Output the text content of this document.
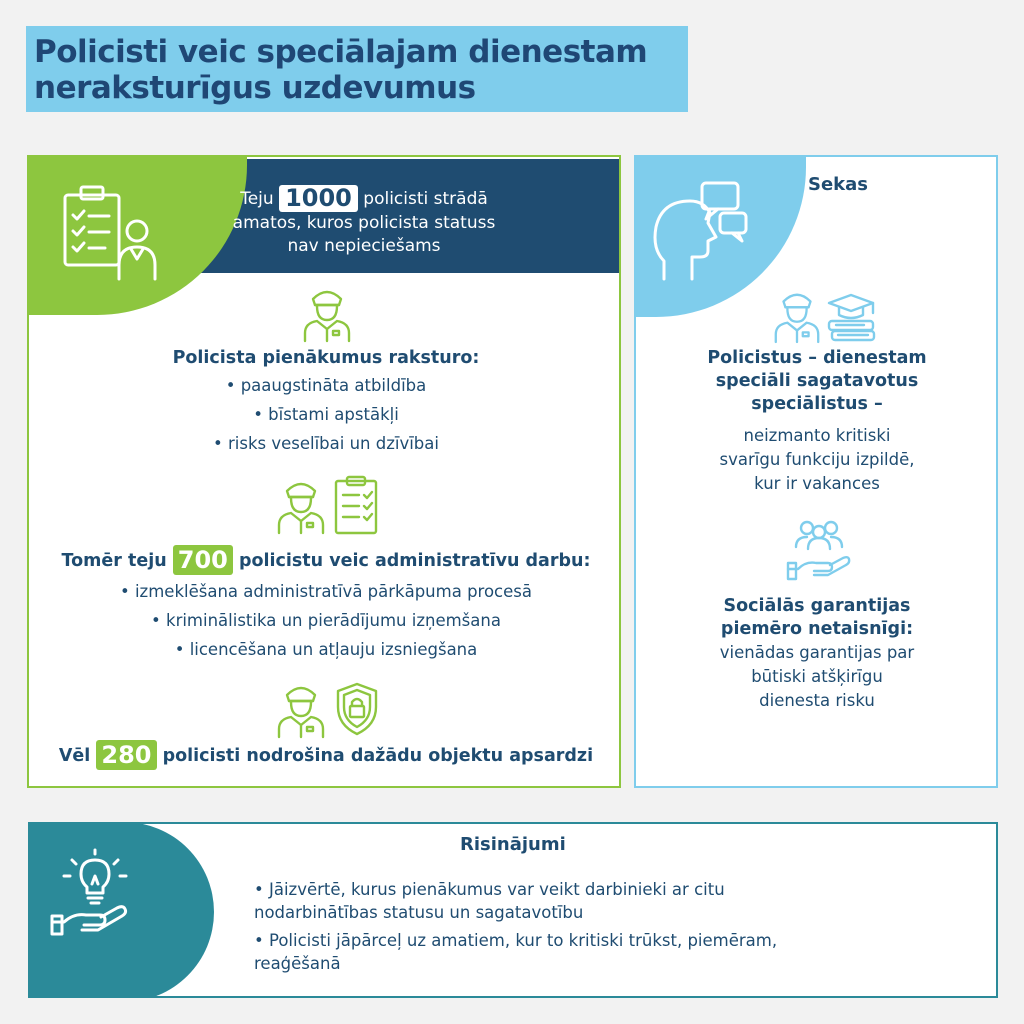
Policisti veic speciālajam dienestam
neraksturīgus uzdevumus
Teju 1000 policisti strādā
amatos, kuros policista statuss
nav nepieciešams
Policista pienākumus raksturo:
• paaugstināta atbildība
• bīstami apstākļi
• risks veselībai un dzīvībai
Tomēr teju 700 policistu veic administratīvu darbu:
• izmeklēšana administratīvā pārkāpuma procesā
• kriminālistika un pierādījumu izņemšana
• licencēšana un atļauju izsniegšana
Vēl 280 policisti nodrošina dažādu objektu apsardzi
Sekas
Policistus – dienestam
speciāli sagatavotus
speciālistus –
neizmanto kritiski
svarīgu funkciju izpildē,
kur ir vakances
Sociālās garantijas
piemēro netaisnīgi:
vienādas garantijas par
būtiski atšķirīgu
dienesta risku
Risinājumi
• Jāizvērtē, kurus pienākumus var veikt darbinieki ar citu nodarbinātības statusu un sagatavotību
• Policisti jāpārceļ uz amatiem, kur to kritiski trūkst, piemēram, reaģēšanā
